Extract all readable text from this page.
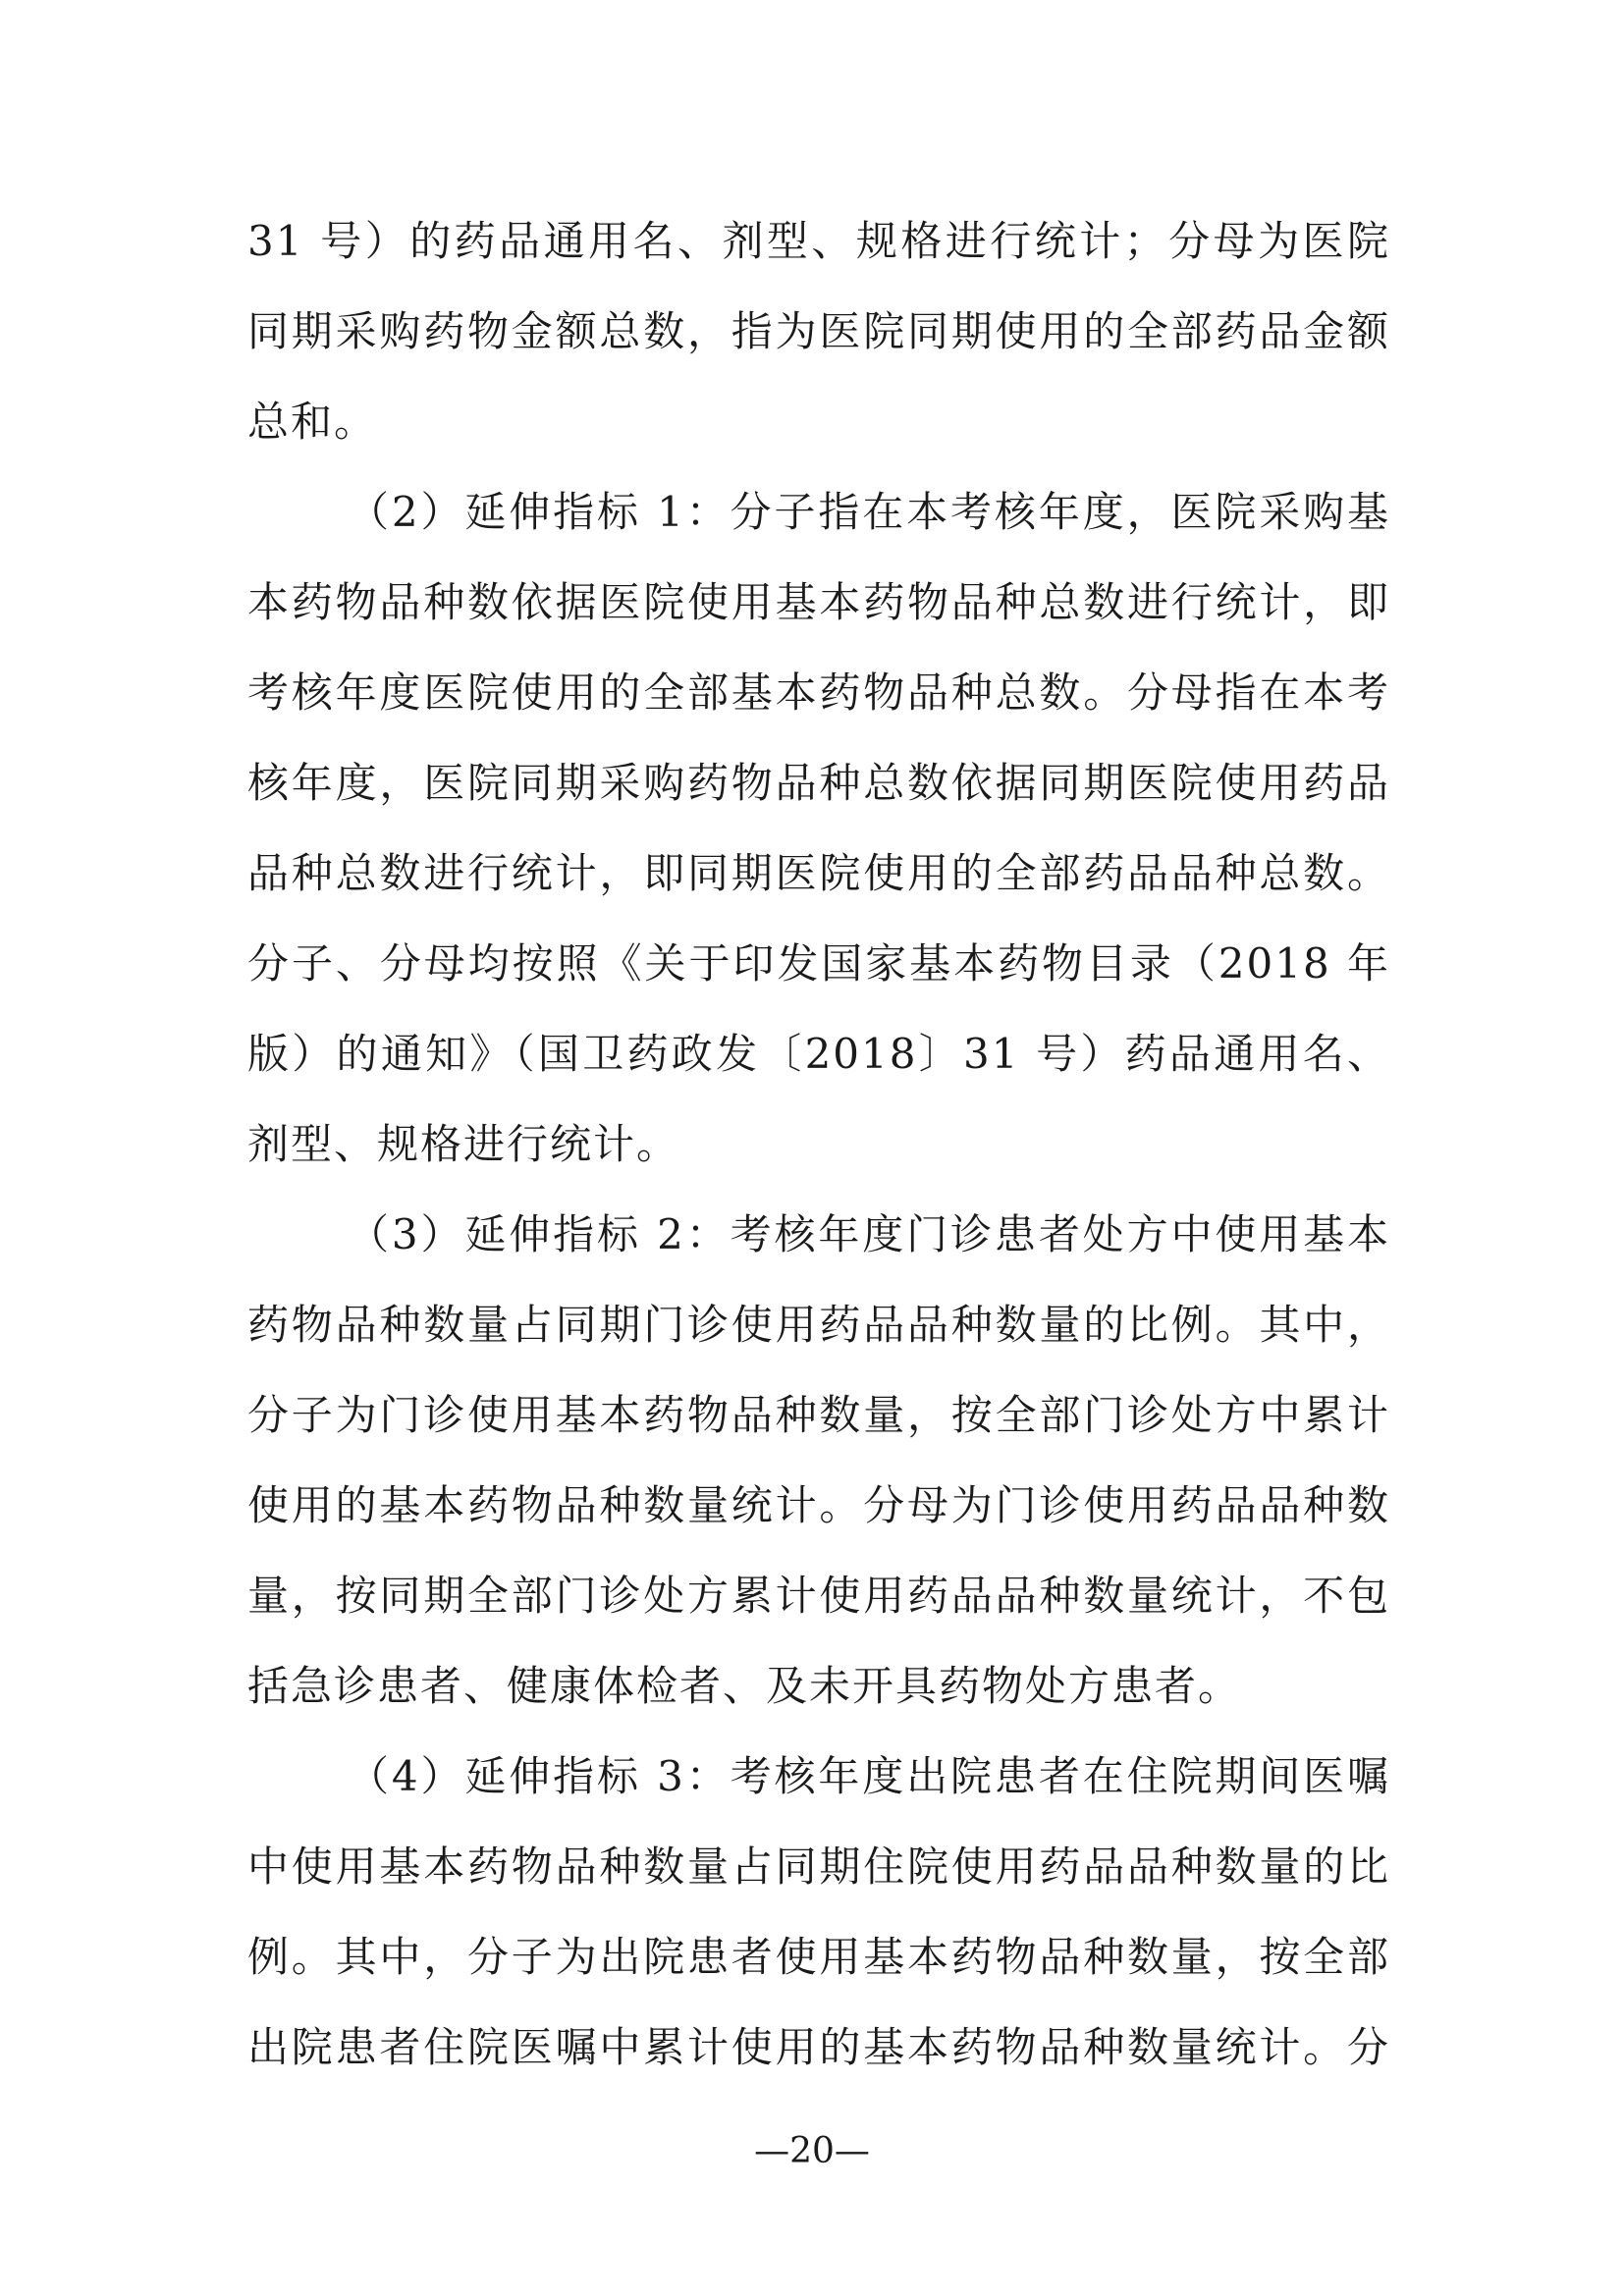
31 号）的药品通用名、剂型、规格进行统计；分母为医院
同期采购药物金额总数，指为医院同期使用的全部药品金额
总和。
（2）延伸指标 1：分子指在本考核年度，医院采购基
本药物品种数依据医院使用基本药物品种总数进行统计，即
考核年度医院使用的全部基本药物品种总数。分母指在本考
核年度，医院同期采购药物品种总数依据同期医院使用药品
品种总数进行统计，即同期医院使用的全部药品品种总数。
分子、分母均按照《关于印发国家基本药物目录（2018 年
版）的通知》（国卫药政发〔2018〕31 号）药品通用名、
剂型、规格进行统计。
（3）延伸指标 2：考核年度门诊患者处方中使用基本
药物品种数量占同期门诊使用药品品种数量的比例。其中，
分子为门诊使用基本药物品种数量，按全部门诊处方中累计
使用的基本药物品种数量统计。分母为门诊使用药品品种数
量，按同期全部门诊处方累计使用药品品种数量统计，不包
括急诊患者、健康体检者、及未开具药物处方患者。
（4）延伸指标 3：考核年度出院患者在住院期间医嘱
中使用基本药物品种数量占同期住院使用药品品种数量的比
例。其中，分子为出院患者使用基本药物品种数量，按全部
出院患者住院医嘱中累计使用的基本药物品种数量统计。分
—20—
